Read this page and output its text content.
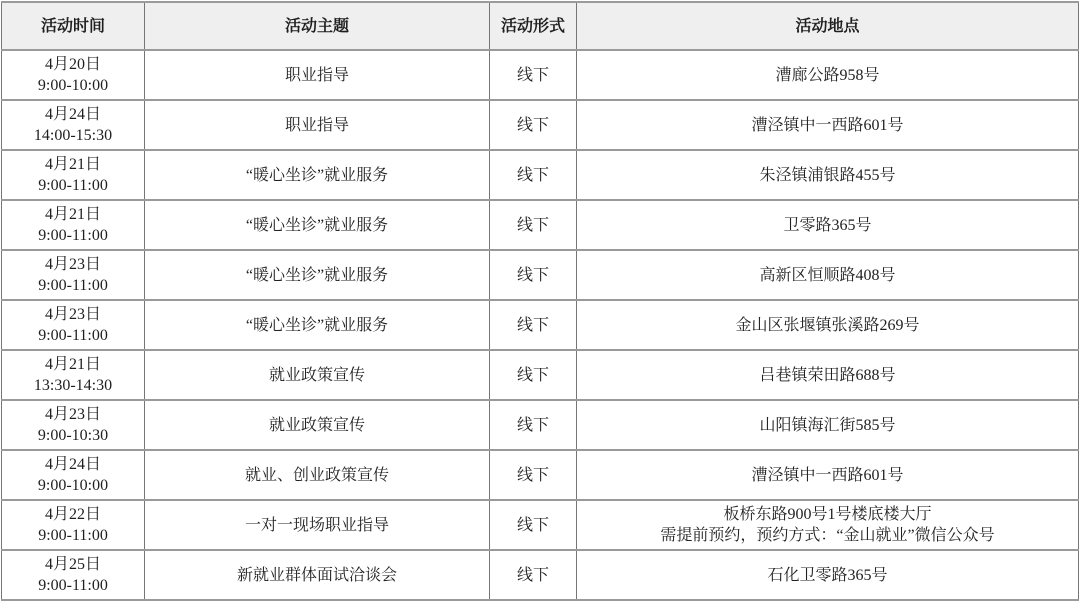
活动时间	活动主题	活动形式	活动地点

4月20日
9:00-10:00	职业指导	线下	漕廊公路958号

4月24日
14:00-15:30	职业指导	线下	漕泾镇中一西路601号

4月21日
9:00-11:00	“暖心坐诊”就业服务	线下	朱泾镇浦银路455号

4月21日
9:00-11:00	“暖心坐诊”就业服务	线下	卫零路365号

4月23日
9:00-11:00	“暖心坐诊”就业服务	线下	高新区恒顺路408号

4月23日
9:00-11:00	“暖心坐诊”就业服务	线下	金山区张堰镇张溪路269号

4月21日
13:30-14:30	就业政策宣传	线下	吕巷镇荣田路688号

4月23日
9:00-10:30	就业政策宣传	线下	山阳镇海汇街585号

4月24日
9:00-10:00	就业、创业政策宣传	线下	漕泾镇中一西路601号

4月22日
9:00-11:00	一对一现场职业指导	线下	板桥东路900号1号楼底楼大厅
需提前预约，预约方式：“金山就业”微信公众号

4月25日
9:00-11:00	新就业群体面试洽谈会	线下	石化卫零路365号
